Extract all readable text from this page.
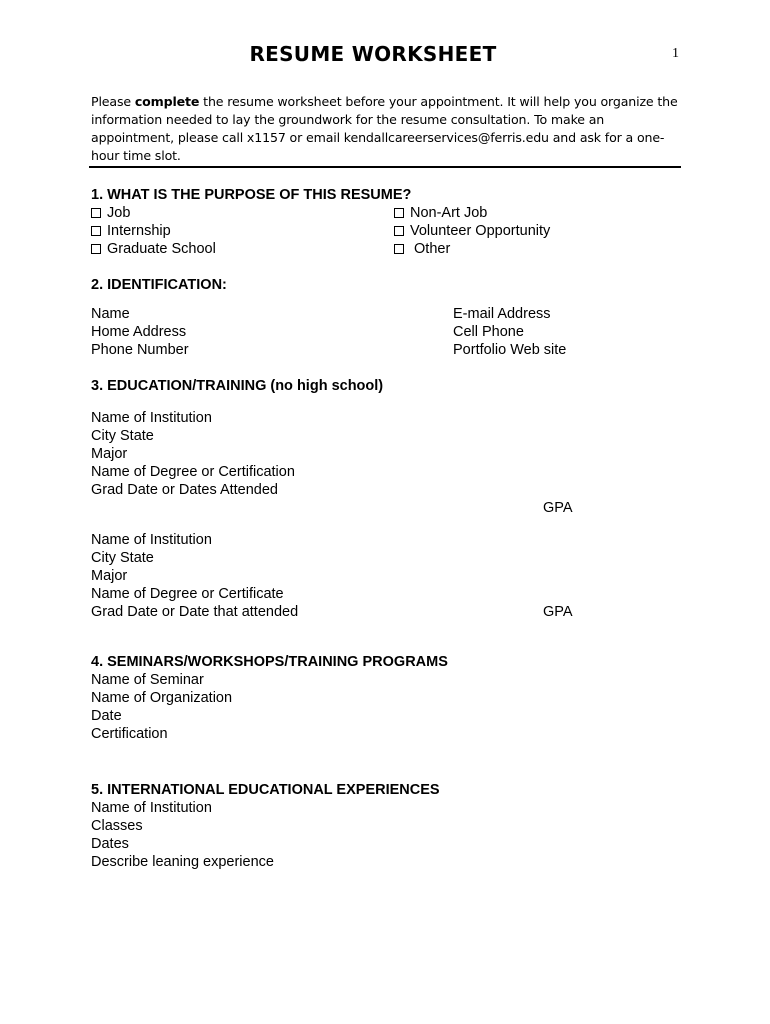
RESUME WORKSHEET	1
Please complete the resume worksheet before your appointment. It will help you organize the information needed to lay the groundwork for the resume consultation. To make an appointment, please call x1157 or email kendallcareerservices@ferris.edu and ask for a one-hour time slot.
1. WHAT IS THE PURPOSE OF THIS RESUME?
Job
Internship
Graduate School
Non-Art Job
Volunteer Opportunity
Other
2. IDENTIFICATION:
Name
Home Address
Phone Number
E-mail Address
Cell Phone
Portfolio Web site
3. EDUCATION/TRAINING (no high school)
Name of Institution
City State
Major
Name of Degree or Certification
Grad Date or Dates Attended
GPA
Name of Institution
City State
Major
Name of Degree or Certificate
Grad Date or Date that attended	GPA
4. SEMINARS/WORKSHOPS/TRAINING PROGRAMS
Name of Seminar
Name of Organization
Date
Certification
5. INTERNATIONAL EDUCATIONAL EXPERIENCES
Name of Institution
Classes
Dates
Describe leaning experience
